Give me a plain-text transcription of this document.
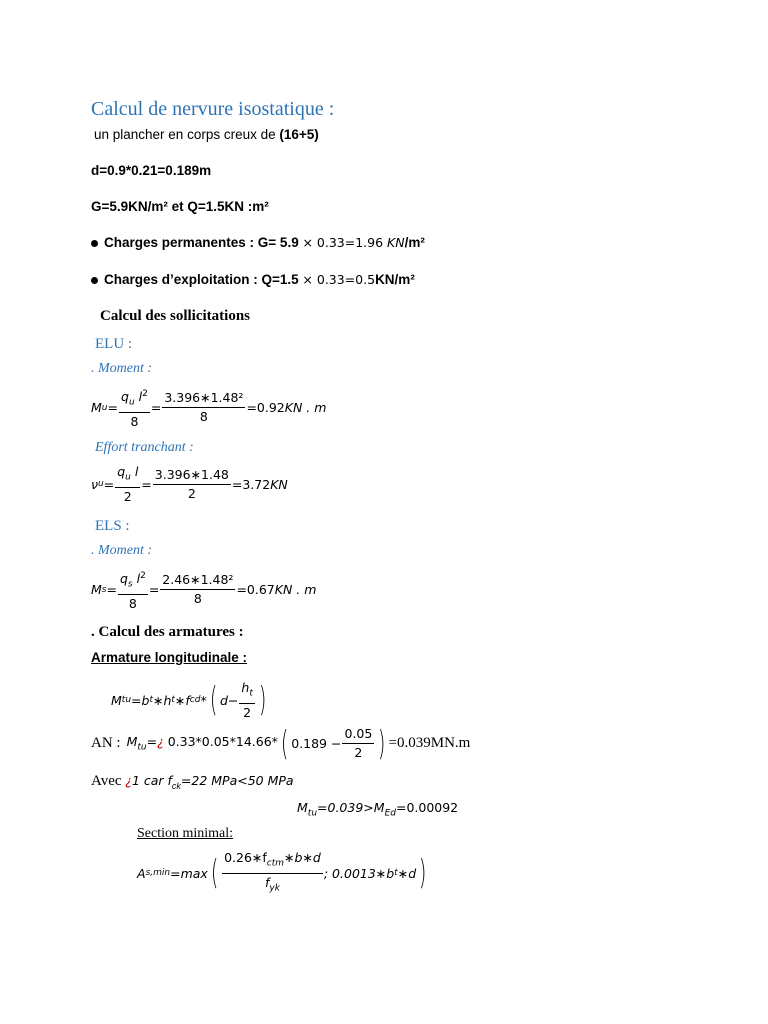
Calcul de nervure isostatique :
un plancher en corps creux de (16+5)
d=0.9*0.21=0.189m
G=5.9KN/m² et Q=1.5KN :m²
Charges permanentes : G= 5.9 × 0.33=1.96 KN/m²
Charges d’exploitation : Q=1.5 × 0.33=0.5KN/m²
Calcul des sollicitations
ELU :
. Moment :
M $u = \frac{q_u l^2}{8} = \frac{\text{3.396∗1.48²}}{8} =0.92$ KN . m
Effort tranchant :
ν $u = \frac{q_u l}{2} = \frac{3.396∗1.48}{2} =3.72$ KN
ELS :
. Moment :
M $s = \frac{q_s l^2}{8} = \frac{\text{2.46∗1.48²}}{8} =0.67$ KN . m
. Calcul des armatures :
Armature longitudinale :
M tu =b t ∗h t ∗f cd * ( $d- \frac{h_t}{2}$ )
AN : $M_{tu}=¿$ 0.33*0.05*14.66* ( $0.189 - \frac{0.05}{2}$ ) =0.039MN.m
Avec ¿1 car $f_{ck}=22$ MPa<50 MPa
$M_{tu}=0.039>M_{Ed}=0.00092$
Section minimal:
A s,min =max ( $\frac{0.26∗f_{ctm}∗b∗d}{f_{yk}}$ ; 0.0013∗b t ∗d )
